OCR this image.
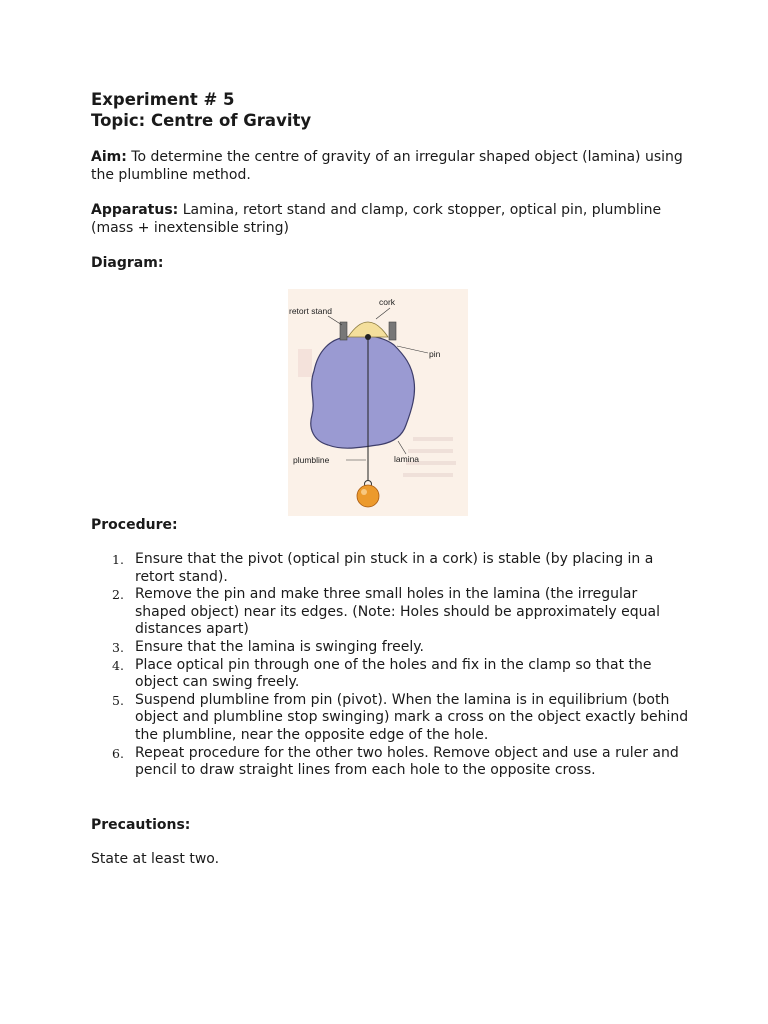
Experiment # 5
Topic: Centre of Gravity

Aim: To determine the centre of gravity of an irregular shaped object (lamina) using the plumbline method.

Apparatus: Lamina, retort stand and clamp, cork stopper, optical pin, plumbline (mass + inextensible string)

Diagram:
retort stand
cork
pin
plumbline	lamina
Procedure:
1. Ensure that the pivot (optical pin stuck in a cork) is stable (by placing in a retort stand).
2. Remove the pin and make three small holes in the lamina (the irregular shaped object) near its edges. (Note: Holes should be approximately equal distances apart)
3. Ensure that the lamina is swinging freely.
4. Place optical pin through one of the holes and fix in the clamp so that the object can swing freely.
5. Suspend plumbline from pin (pivot). When the lamina is in equilibrium (both object and plumbline stop swinging) mark a cross on the object exactly behind the plumbline, near the opposite edge of the hole.
6. Repeat procedure for the other two holes. Remove object and use a ruler and pencil to draw straight lines from each hole to the opposite cross.
Precautions:

State at least two.
